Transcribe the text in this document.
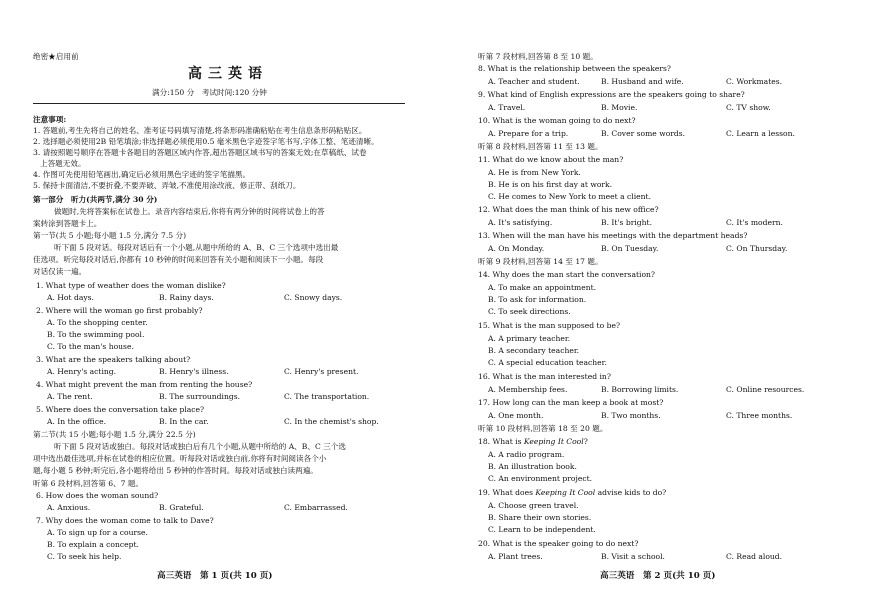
绝密★启用前
高三英语
满分:150 分　考试时间:120 分钟
注意事项:
1. 答题前,考生先将自己的姓名、准考证号码填写清楚,将条形码准确粘贴在考生信息条形码粘贴区。
2. 选择题必须使用2B 铅笔填涂;非选择题必须使用0.5 毫米黑色字迹签字笔书写,字体工整、笔迹清晰。
3. 请按照题号顺序在答题卡各题目的答题区域内作答,超出答题区域书写的答案无效;在草稿纸、试卷
上答题无效。
4. 作图可先使用铅笔画出,确定后必须用黑色字迹的签字笔描黑。
5. 保持卡面清洁,不要折叠,不要弄破、弄皱,不准使用涂改液、修正带、刮纸刀。
第一部分　听力(共两节,满分 30 分)
做题时,先将答案标在试卷上。录音内容结束后,你将有两分钟的时间将试卷上的答
案转涂到答题卡上。
第一节(共 5 小题;每小题 1.5 分,满分 7.5 分)
听下面 5 段对话。每段对话后有一个小题,从题中所给的 A、B、C 三个选项中选出最
佳选项。听完每段对话后,你都有 10 秒钟的时间来回答有关小题和阅读下一小题。每段
对话仅读一遍。
1. What type of weather does the woman dislike?
A. Hot days.	B. Rainy days.	C. Snowy days.
2. Where will the woman go first probably?
A. To the shopping center.
B. To the swimming pool.
C. To the man's house.
3. What are the speakers talking about?
A. Henry's acting.	B. Henry's illness.	C. Henry's present.
4. What might prevent the man from renting the house?
A. The rent.	B. The surroundings.	C. The transportation.
5. Where does the conversation take place?
A. In the office.	B. In the car.	C. In the chemist's shop.
第二节(共 15 小题;每小题 1.5 分,满分 22.5 分)
听下面 5 段对话或独白。每段对话或独白后有几个小题,从题中所给的 A、B、C 三个选
项中选出最佳选项,并标在试卷的相应位置。听每段对话或独白前,你将有时间阅读各个小
题,每小题 5 秒钟;听完后,各小题将给出 5 秒钟的作答时间。每段对话或独白读两遍。
听第 6 段材料,回答第 6、7 题。
6. How does the woman sound?
A. Anxious.	B. Grateful.	C. Embarrassed.
7. Why does the woman come to talk to Dave?
A. To sign up for a course.
B. To explain a concept.
C. To seek his help.
高三英语　第 1 页(共 10 页)
听第 7 段材料,回答第 8 至 10 题。
8. What is the relationship between the speakers?
A. Teacher and student.	B. Husband and wife.	C. Workmates.
9. What kind of English expressions are the speakers going to share?
A. Travel.	B. Movie.	C. TV show.
10. What is the woman going to do next?
A. Prepare for a trip.	B. Cover some words.	C. Learn a lesson.
听第 8 段材料,回答第 11 至 13 题。
11. What do we know about the man?
A. He is from New York.
B. He is on his first day at work.
C. He comes to New York to meet a client.
12. What does the man think of his new office?
A. It's satisfying.	B. It's bright.	C. It's modern.
13. When will the man have his meetings with the department heads?
A. On Monday.	B. On Tuesday.	C. On Thursday.
听第 9 段材料,回答第 14 至 17 题。
14. Why does the man start the conversation?
A. To make an appointment.
B. To ask for information.
C. To seek directions.
15. What is the man supposed to be?
A. A primary teacher.
B. A secondary teacher.
C. A special education teacher.
16. What is the man interested in?
A. Membership fees.	B. Borrowing limits.	C. Online resources.
17. How long can the man keep a book at most?
A. One month.	B. Two months.	C. Three months.
听第 10 段材料,回答第 18 至 20 题。
18. What is Keeping It Cool?
A. A radio program.
B. An illustration book.
C. An environment project.
19. What does Keeping It Cool advise kids to do?
A. Choose green travel.
B. Share their own stories.
C. Learn to be independent.
20. What is the speaker going to do next?
A. Plant trees.	B. Visit a school.	C. Read aloud.
高三英语　第 2 页(共 10 页)
